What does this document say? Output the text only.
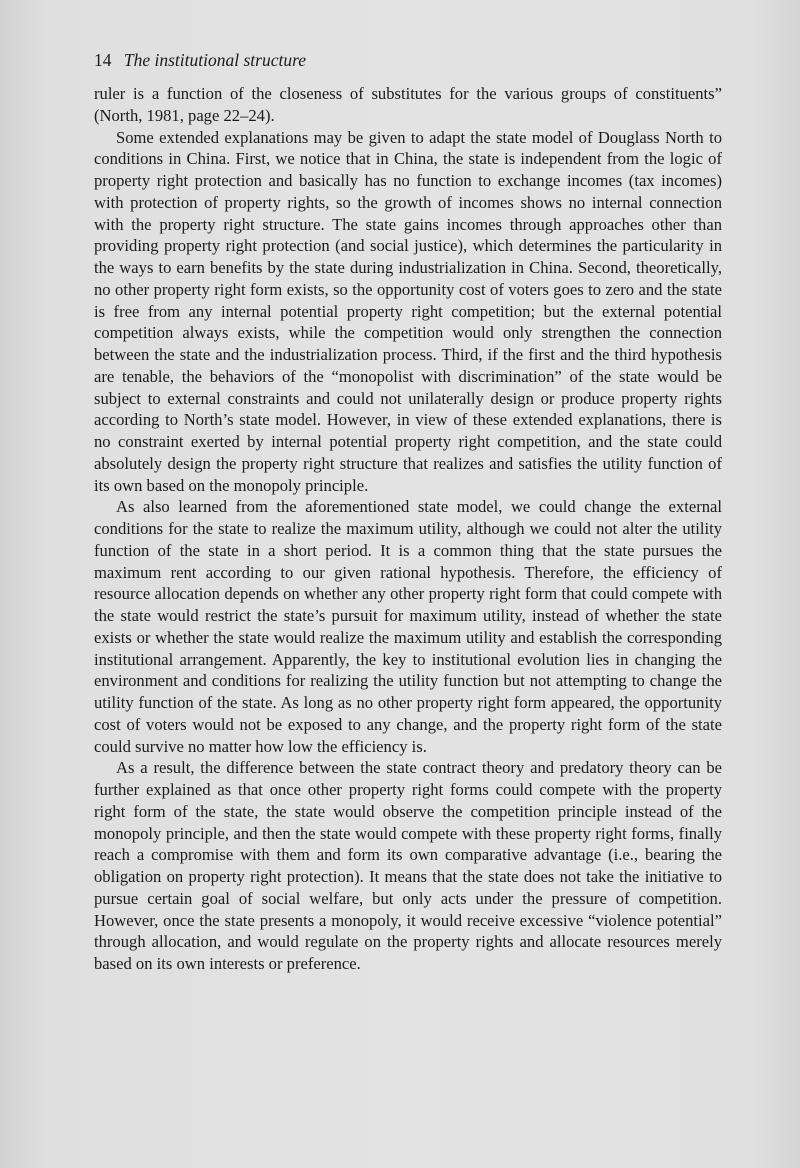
14 The institutional structure

ruler is a function of the closeness of substitutes for the various groups of constituents” (North, 1981, page 22–24).

Some extended explanations may be given to adapt the state model of Douglass North to conditions in China. First, we notice that in China, the state is independent from the logic of property right protection and basically has no function to exchange incomes (tax incomes) with protection of property rights, so the growth of incomes shows no internal connection with the property right structure. The state gains incomes through approaches other than providing property right protection (and social justice), which determines the particularity in the ways to earn benefits by the state during industrialization in China. Second, theoretically, no other property right form exists, so the opportunity cost of voters goes to zero and the state is free from any internal potential property right competition; but the external potential competition always exists, while the competition would only strengthen the connection between the state and the industrialization process. Third, if the first and the third hypothesis are tenable, the behaviors of the “monopolist with discrimination” of the state would be subject to external constraints and could not unilaterally design or produce property rights according to North’s state model. However, in view of these extended explanations, there is no constraint exerted by internal potential property right competition, and the state could absolutely design the property right structure that realizes and satisfies the utility function of its own based on the monopoly principle.

As also learned from the aforementioned state model, we could change the external conditions for the state to realize the maximum utility, although we could not alter the utility function of the state in a short period. It is a common thing that the state pursues the maximum rent according to our given rational hypothesis. Therefore, the efficiency of resource allocation depends on whether any other property right form that could compete with the state would restrict the state’s pursuit for maximum utility, instead of whether the state exists or whether the state would realize the maximum utility and establish the corresponding institutional arrangement. Apparently, the key to institutional evolution lies in changing the environment and conditions for realizing the utility function but not attempting to change the utility function of the state. As long as no other property right form appeared, the opportunity cost of voters would not be exposed to any change, and the property right form of the state could survive no matter how low the efficiency is.

As a result, the difference between the state contract theory and predatory theory can be further explained as that once other property right forms could compete with the property right form of the state, the state would observe the competition principle instead of the monopoly principle, and then the state would compete with these property right forms, finally reach a compromise with them and form its own comparative advantage (i.e., bearing the obligation on property right protection). It means that the state does not take the initiative to pursue certain goal of social welfare, but only acts under the pressure of competition. However, once the state presents a monopoly, it would receive excessive “violence potential” through allocation, and would regulate on the property rights and allocate resources merely based on its own interests or preference.
